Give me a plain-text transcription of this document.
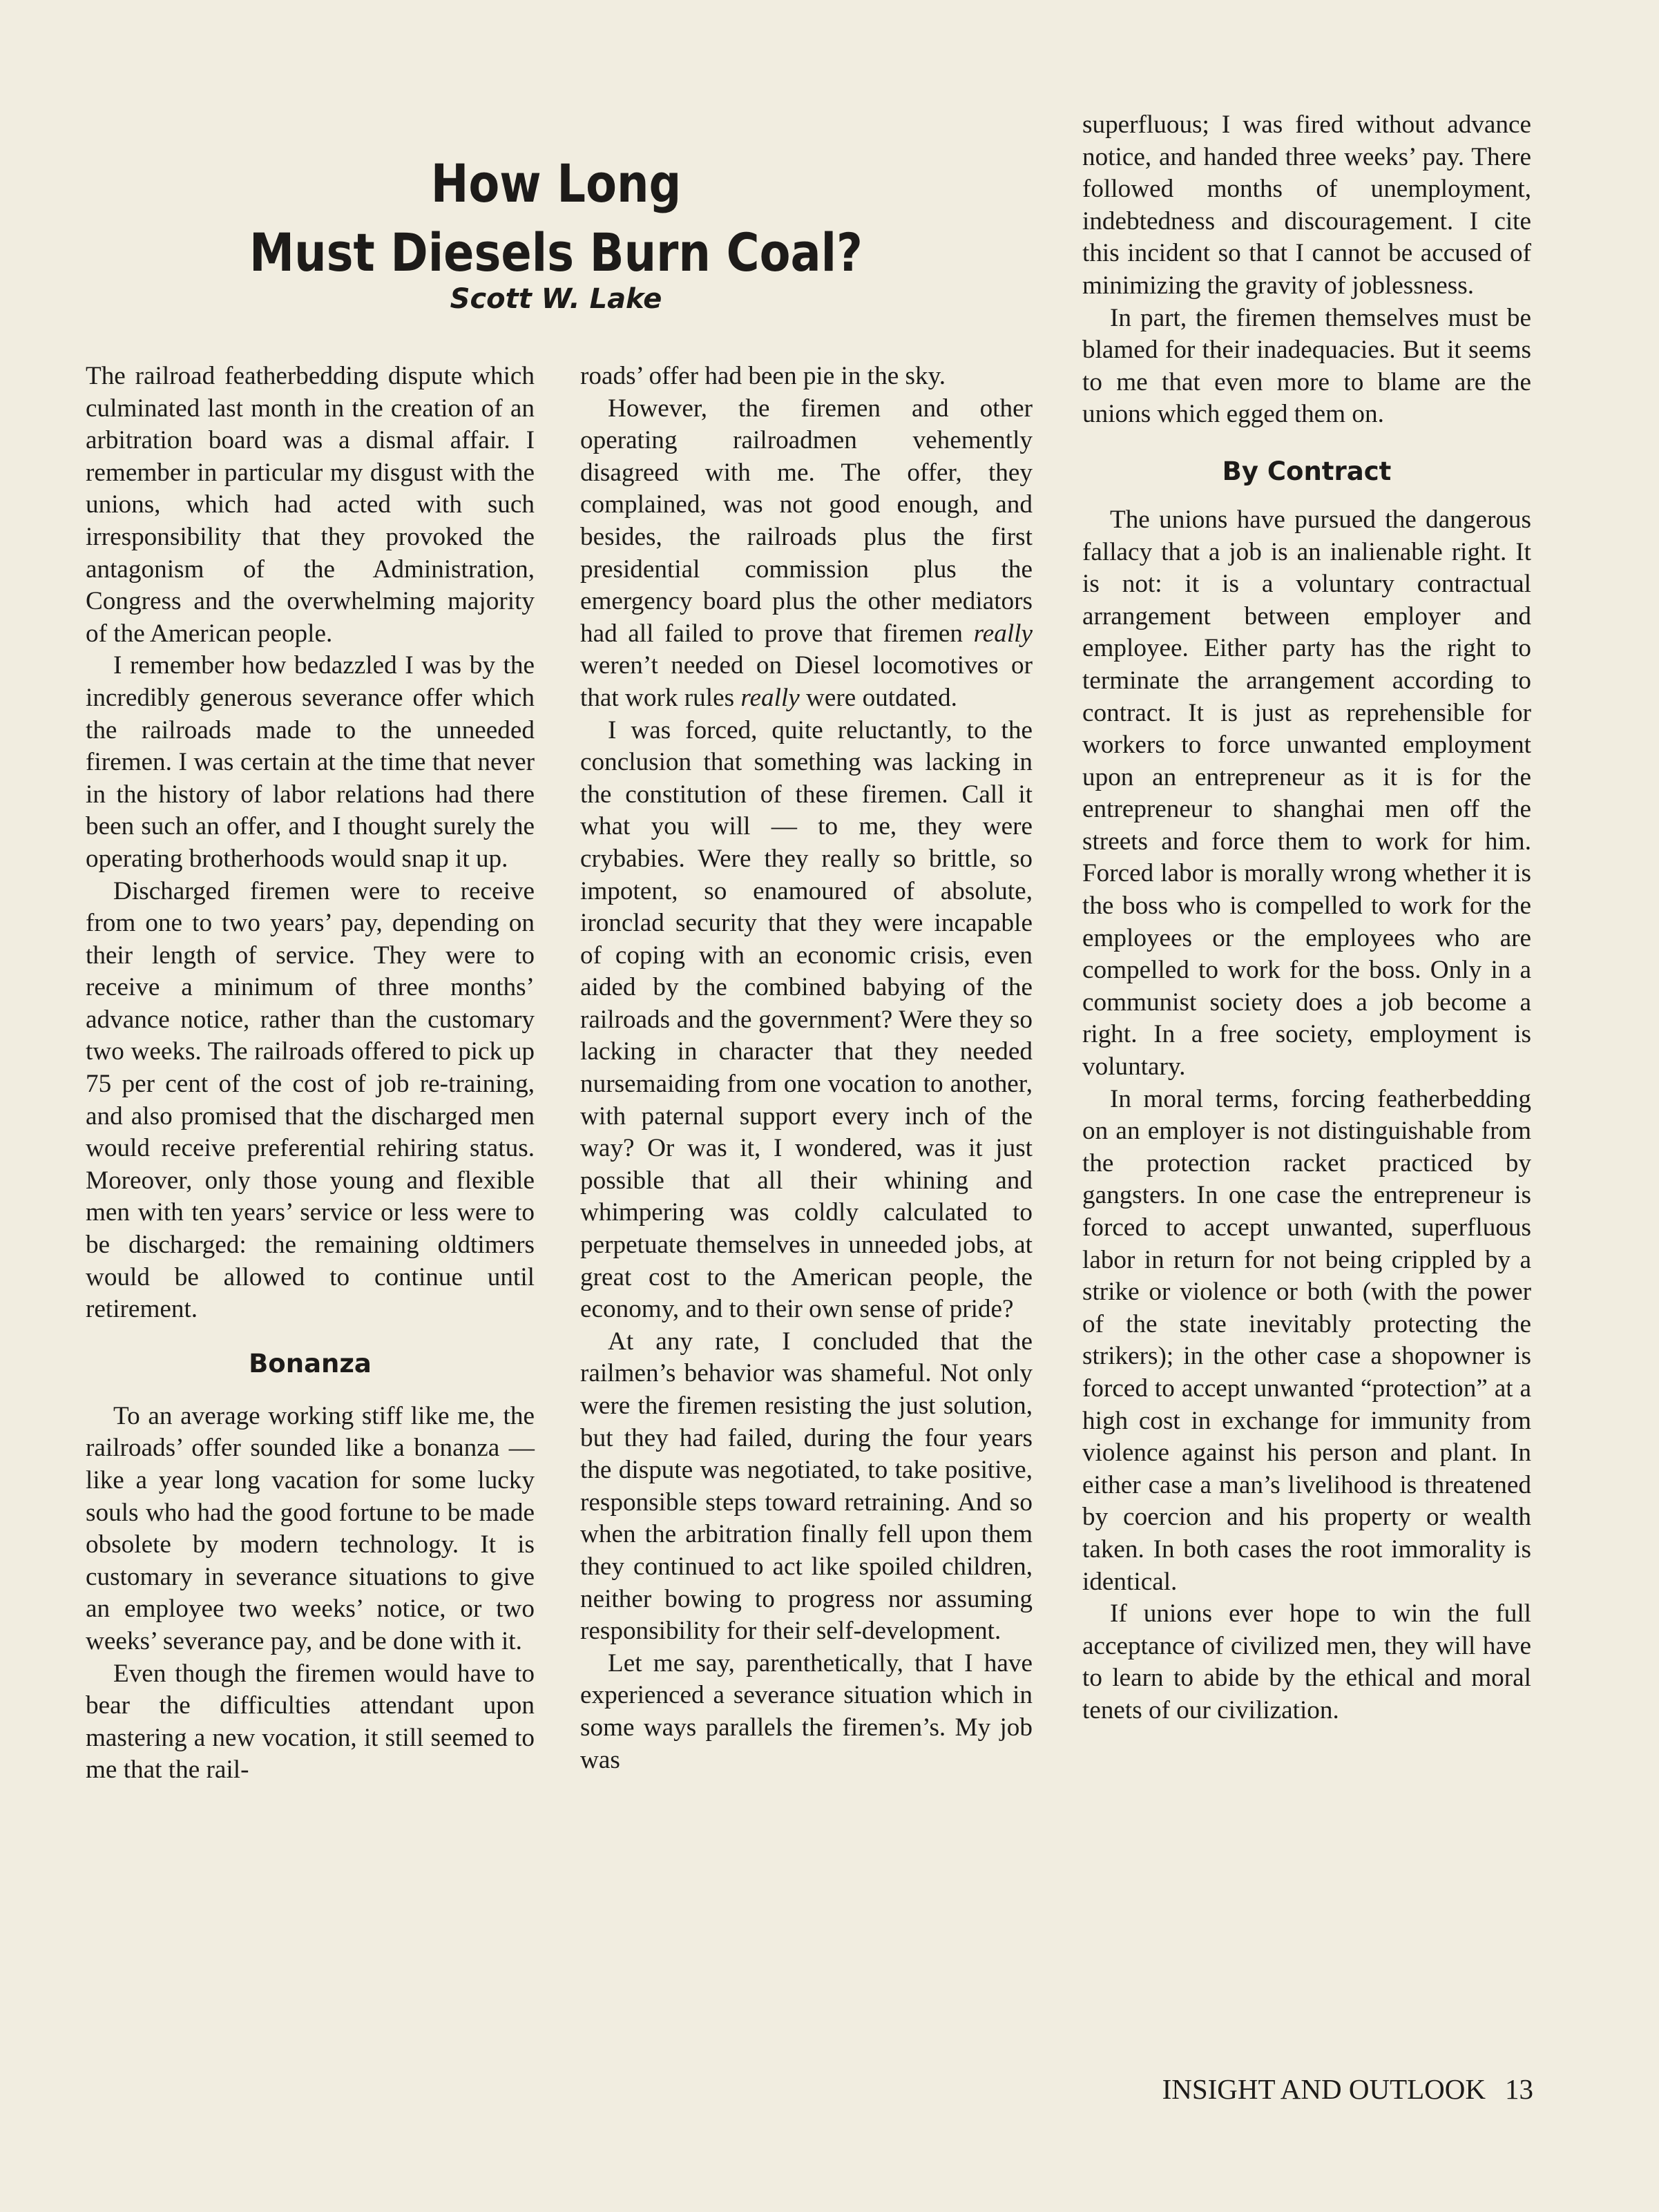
How Long
Must Diesels Burn Coal?
Scott W. Lake

The railroad featherbedding dispute which culminated last month in the creation of an arbitration board was a dismal affair. I remember in particular my disgust with the unions, which had acted with such irresponsibility that they provoked the antagonism of the Administration, Congress and the overwhelming majority of the American people.

I remember how bedazzled I was by the incredibly generous severance offer which the railroads made to the unneeded firemen. I was certain at the time that never in the history of labor relations had there been such an offer, and I thought surely the operating brotherhoods would snap it up.

Discharged firemen were to receive from one to two years’ pay, depending on their length of service. They were to receive a minimum of three months’ advance notice, rather than the customary two weeks. The railroads offered to pick up 75 per cent of the cost of job re-training, and also promised that the discharged men would receive preferential rehiring status. Moreover, only those young and flexible men with ten years’ service or less were to be discharged: the remaining oldtimers would be allowed to continue until retirement.

Bonanza

To an average working stiff like me, the railroads’ offer sounded like a bonanza — like a year long vacation for some lucky souls who had the good fortune to be made obsolete by modern technology. It is customary in severance situations to give an employee two weeks’ notice, or two weeks’ severance pay, and be done with it.

Even though the firemen would have to bear the difficulties attendant upon mastering a new vocation, it still seemed to me that the rail-

roads’ offer had been pie in the sky.

However, the firemen and other operating railroadmen vehemently disagreed with me. The offer, they complained, was not good enough, and besides, the railroads plus the first presidential commission plus the emergency board plus the other mediators had all failed to prove that firemen really weren’t needed on Diesel locomotives or that work rules really were outdated.

I was forced, quite reluctantly, to the conclusion that something was lacking in the constitution of these firemen. Call it what you will — to me, they were crybabies. Were they really so brittle, so impotent, so enamoured of absolute, ironclad security that they were incapable of coping with an economic crisis, even aided by the combined babying of the railroads and the government? Were they so lacking in character that they needed nursemaiding from one vocation to another, with paternal support every inch of the way? Or was it, I wondered, was it just possible that all their whining and whimpering was coldly calculated to perpetuate themselves in unneeded jobs, at great cost to the American people, the economy, and to their own sense of pride?

At any rate, I concluded that the railmen’s behavior was shameful. Not only were the firemen resisting the just solution, but they had failed, during the four years the dispute was negotiated, to take positive, responsible steps toward retraining. And so when the arbitration finally fell upon them they continued to act like spoiled children, neither bowing to progress nor assuming responsibility for their self-development.

Let me say, parenthetically, that I have experienced a severance situation which in some ways parallels the firemen’s. My job was

superfluous; I was fired without advance notice, and handed three weeks’ pay. There followed months of unemployment, indebtedness and discouragement. I cite this incident so that I cannot be accused of minimizing the gravity of joblessness.

In part, the firemen themselves must be blamed for their inadequacies. But it seems to me that even more to blame are the unions which egged them on.

By Contract

The unions have pursued the dangerous fallacy that a job is an inalienable right. It is not: it is a voluntary contractual arrangement between employer and employee. Either party has the right to terminate the arrangement according to contract. It is just as reprehensible for workers to force unwanted employment upon an entrepreneur as it is for the entrepreneur to shanghai men off the streets and force them to work for him. Forced labor is morally wrong whether it is the boss who is compelled to work for the employees or the employees who are compelled to work for the boss. Only in a communist society does a job become a right. In a free society, employment is voluntary.

In moral terms, forcing featherbedding on an employer is not distinguishable from the protection racket practiced by gangsters. In one case the entrepreneur is forced to accept unwanted, superfluous labor in return for not being crippled by a strike or violence or both (with the power of the state inevitably protecting the strikers); in the other case a shopowner is forced to accept unwanted “protection” at a high cost in exchange for immunity from violence against his person and plant. In either case a man’s livelihood is threatened by coercion and his property or wealth taken. In both cases the root immorality is identical.

If unions ever hope to win the full acceptance of civilized men, they will have to learn to abide by the ethical and moral tenets of our civilization.

INSIGHT AND OUTLOOK 13
